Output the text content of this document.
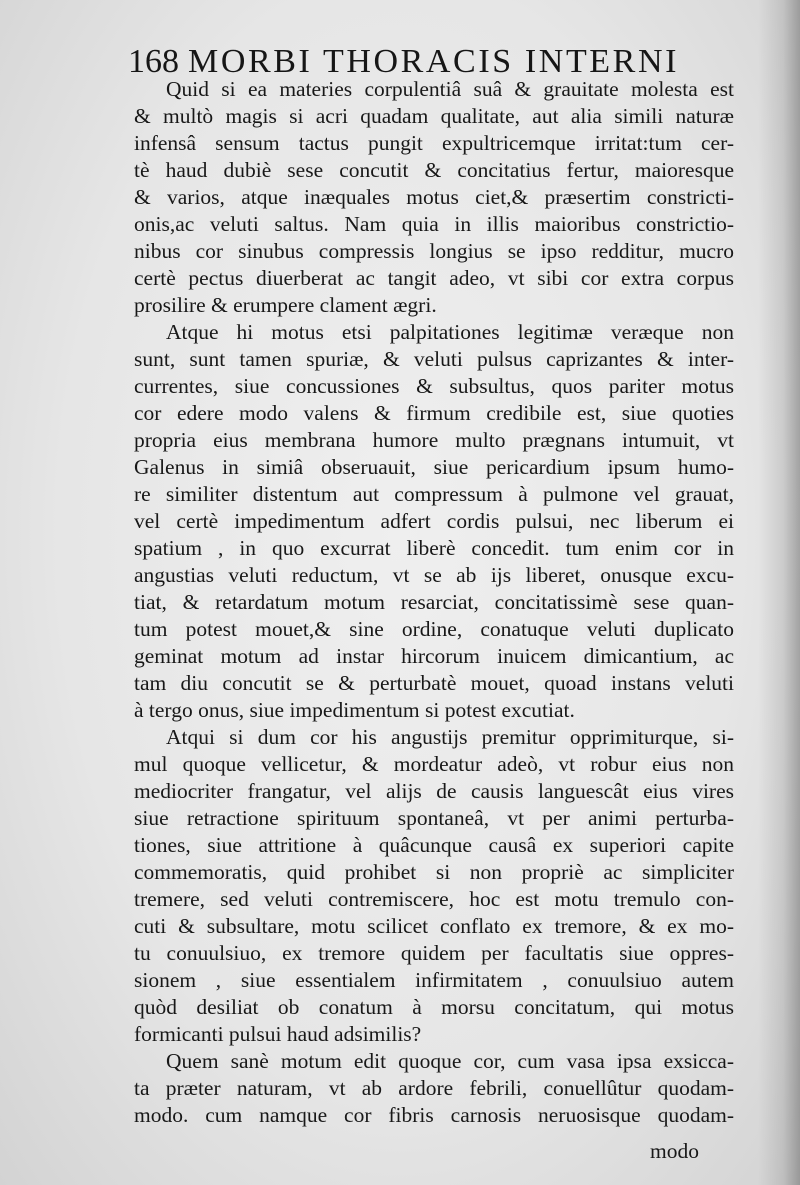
168 MORBI THORACIS INTERNI
Quid si ea materies corpulentiâ suâ & grauitate molesta est
& multò magis si acri quadam qualitate, aut alia simili naturæ
infensâ sensum tactus pungit expultricemque irritat:tum cer-
tè haud dubiè sese concutit & concitatius fertur, maioresque
& varios, atque inæquales motus ciet,& præsertim constricti-
onis,ac veluti saltus. Nam quia in illis maioribus constrictio-
nibus cor sinubus compressis longius se ipso redditur, mucro
certè pectus diuerberat ac tangit adeo, vt sibi cor extra corpus
prosilire & erumpere clament ægri.
Atque hi motus etsi palpitationes legitimæ veræque non
sunt, sunt tamen spuriæ, & veluti pulsus caprizantes & inter-
currentes, siue concussiones & subsultus, quos pariter motus
cor edere modo valens & firmum credibile est, siue quoties
propria eius membrana humore multo prægnans intumuit, vt
Galenus in simiâ obseruauit, siue pericardium ipsum humo-
re similiter distentum aut compressum à pulmone vel grauat,
vel certè impedimentum adfert cordis pulsui, nec liberum ei
spatium , in quo excurrat liberè concedit. tum enim cor in
angustias veluti reductum, vt se ab ijs liberet, onusque excu-
tiat, & retardatum motum resarciat, concitatissimè sese quan-
tum potest mouet,& sine ordine, conatuque veluti duplicato
geminat motum ad instar hircorum inuicem dimicantium, ac
tam diu concutit se & perturbatè mouet, quoad instans veluti
à tergo onus, siue impedimentum si potest excutiat.
Atqui si dum cor his angustijs premitur opprimiturque, si-
mul quoque vellicetur, & mordeatur adeò, vt robur eius non
mediocriter frangatur, vel alijs de causis languescât eius vires
siue retractione spirituum spontaneâ, vt per animi perturba-
tiones, siue attritione à quâcunque causâ ex superiori capite
commemoratis, quid prohibet si non propriè ac simpliciter
tremere, sed veluti contremiscere, hoc est motu tremulo con-
cuti & subsultare, motu scilicet conflato ex tremore, & ex mo-
tu conuulsiuo, ex tremore quidem per facultatis siue oppres-
sionem , siue essentialem infirmitatem , conuulsiuo autem
quòd desiliat ob conatum à morsu concitatum, qui motus
formicanti pulsui haud adsimilis?
Quem sanè motum edit quoque cor, cum vasa ipsa exsicca-
ta præter naturam, vt ab ardore febrili, conuellûtur quodam-
modo. cum namque cor fibris carnosis neruosisque quodam-
modo
